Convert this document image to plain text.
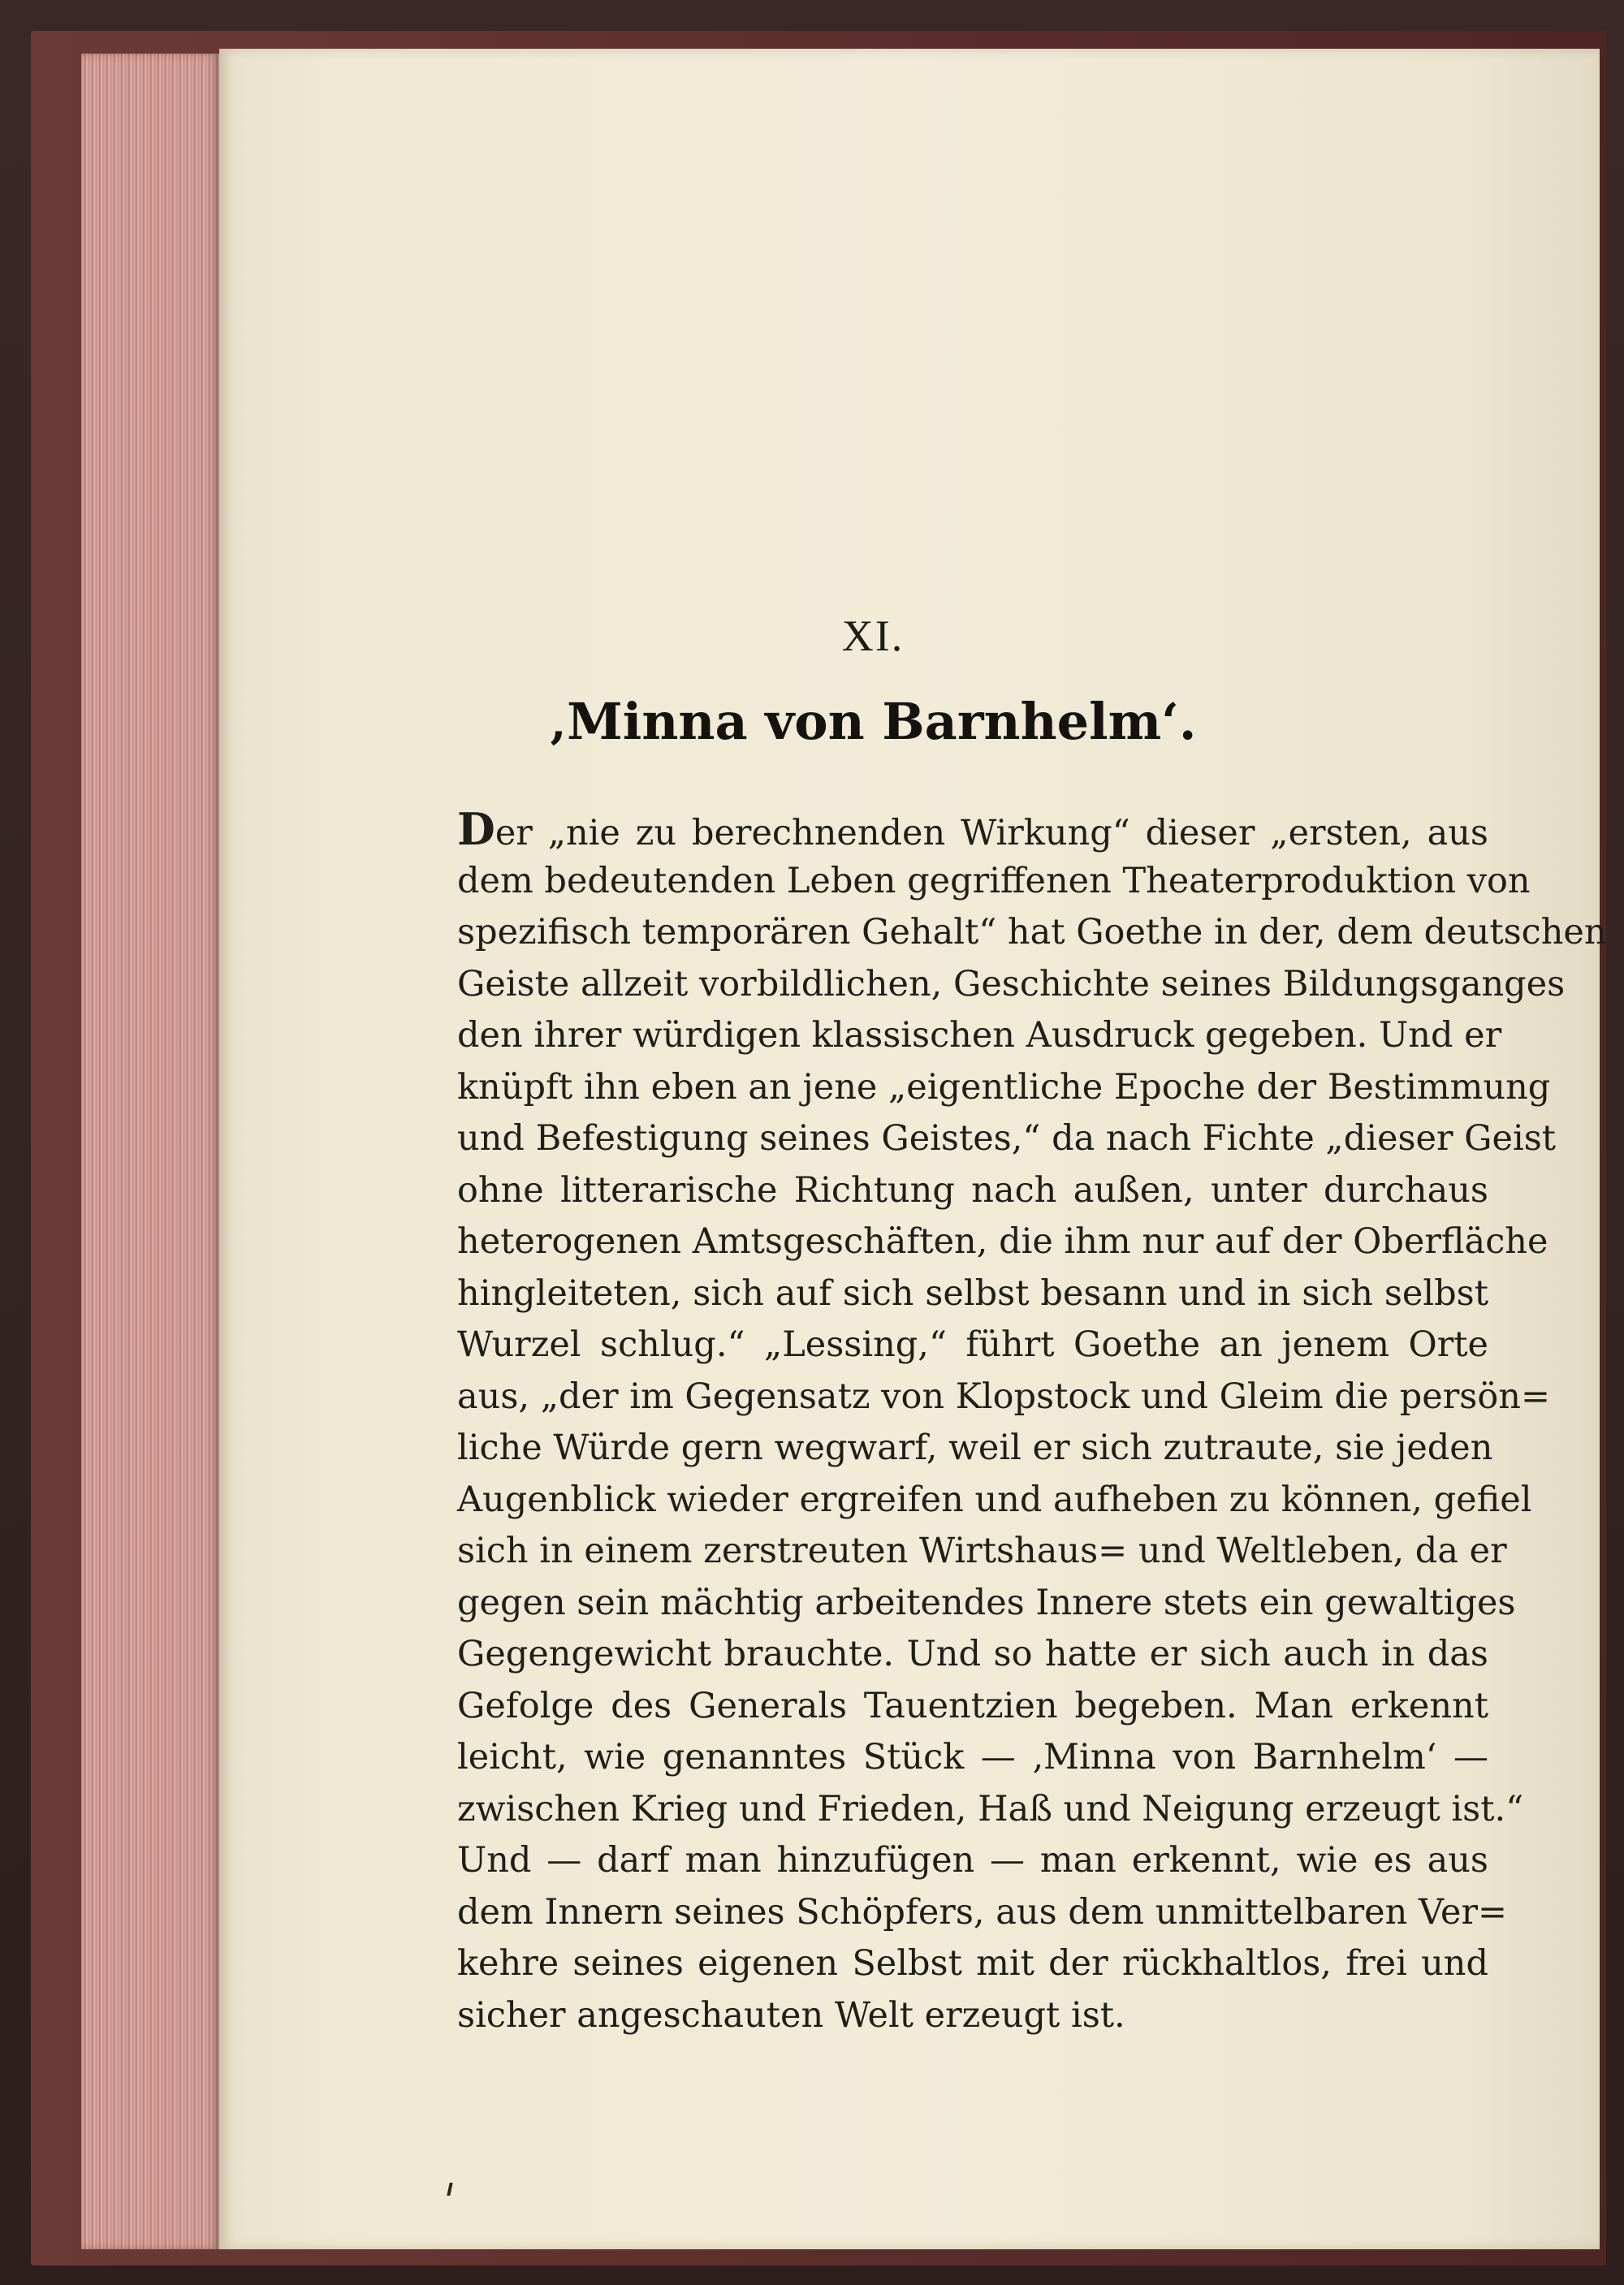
XI.
‚Minna von Barnhelm‘.
Der „nie zu berechnenden Wirkung“ dieser „ersten, aus
dem bedeutenden Leben gegriffenen Theaterproduktion von
spezifisch temporären Gehalt“ hat Goethe in der, dem deutschen
Geiste allzeit vorbildlichen, Geschichte seines Bildungsganges
den ihrer würdigen klassischen Ausdruck gegeben. Und er
knüpft ihn eben an jene „eigentliche Epoche der Bestimmung
und Befestigung seines Geistes,“ da nach Fichte „dieser Geist
ohne litterarische Richtung nach außen, unter durchaus
heterogenen Amtsgeschäften, die ihm nur auf der Oberfläche
hingleiteten, sich auf sich selbst besann und in sich selbst
Wurzel schlug.“ „Lessing,“ führt Goethe an jenem Orte
aus, „der im Gegensatz von Klopstock und Gleim die persön=
liche Würde gern wegwarf, weil er sich zutraute, sie jeden
Augenblick wieder ergreifen und aufheben zu können, gefiel
sich in einem zerstreuten Wirtshaus= und Weltleben, da er
gegen sein mächtig arbeitendes Innere stets ein gewaltiges
Gegengewicht brauchte. Und so hatte er sich auch in das
Gefolge des Generals Tauentzien begeben. Man erkennt
leicht, wie genanntes Stück — ‚Minna von Barnhelm‘ —
zwischen Krieg und Frieden, Haß und Neigung erzeugt ist.“
Und — darf man hinzufügen — man erkennt, wie es aus
dem Innern seines Schöpfers, aus dem unmittelbaren Ver=
kehre seines eigenen Selbst mit der rückhaltlos, frei und
sicher angeschauten Welt erzeugt ist.
